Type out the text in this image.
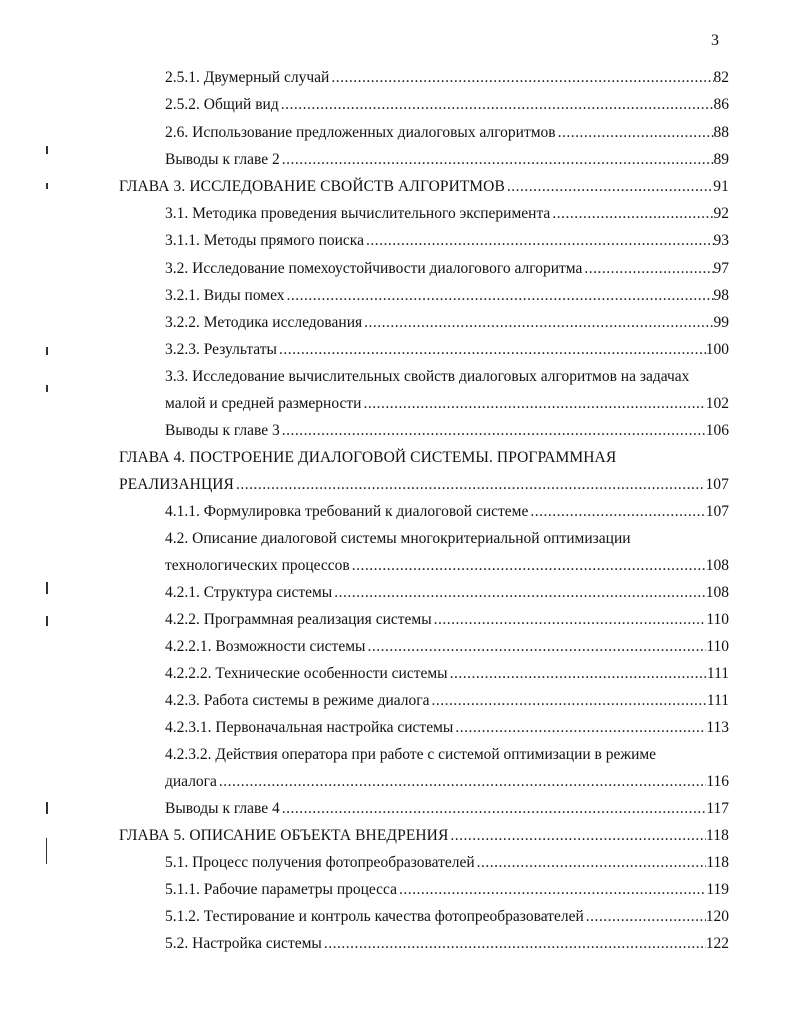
3
2.5.1. Двумерный случай .....	82
2.5.2. Общий вид .....	86
2.6. Использование предложенных диалоговых алгоритмов .....	88
Выводы к главе 2 .....	89
ГЛАВА 3. ИССЛЕДОВАНИЕ СВОЙСТВ АЛГОРИТМОВ .....	91
3.1. Методика проведения вычислительного эксперимента .....	92
3.1.1. Методы прямого поиска .....	93
3.2. Исследование помехоустойчивости диалогового алгоритма .....	97
3.2.1. Виды помех .....	98
3.2.2. Методика исследования .....	99
3.2.3. Результаты .....	100
3.3. Исследование вычислительных свойств диалоговых алгоритмов на задачах
малой и средней размерности .....	102
Выводы к главе 3 .....	106
ГЛАВА 4. ПОСТРОЕНИЕ ДИАЛОГОВОЙ СИСТЕМЫ. ПРОГРАММНАЯ
РЕАЛИЗАНЦИЯ .....	107
4.1.1. Формулировка требований к диалоговой системе .....	107
4.2. Описание диалоговой системы многокритериальной оптимизации
технологических процессов .....	108
4.2.1. Структура системы .....	108
4.2.2. Программная реализация системы .....	110
4.2.2.1. Возможности системы .....	110
4.2.2.2. Технические особенности системы .....	111
4.2.3. Работа системы в режиме диалога .....	111
4.2.3.1. Первоначальная настройка системы .....	113
4.2.3.2. Действия оператора при работе с системой оптимизации в режиме
диалога .....	116
Выводы к главе 4 .....	117
ГЛАВА 5. ОПИСАНИЕ ОБЪЕКТА ВНЕДРЕНИЯ .....	118
5.1. Процесс получения фотопреобразователей .....	118
5.1.1. Рабочие параметры процесса .....	119
5.1.2. Тестирование и контроль качества фотопреобразователей .....	120
5.2. Настройка системы .....	122
